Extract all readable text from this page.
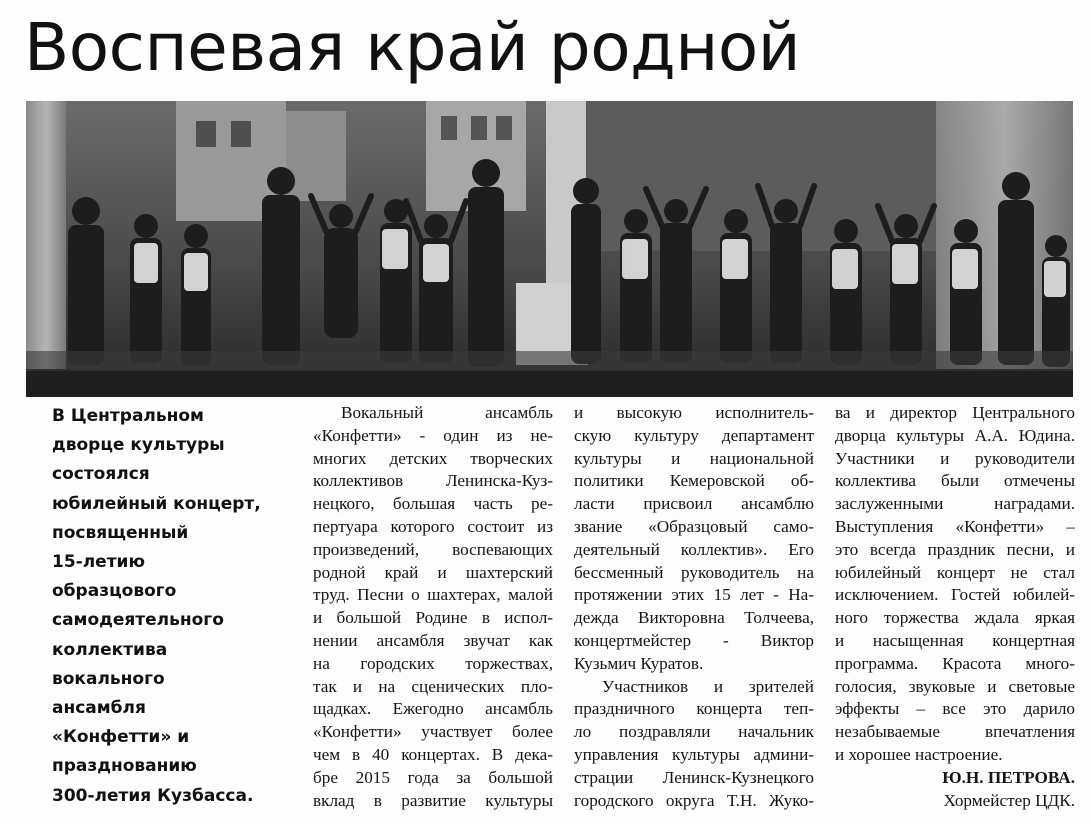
Воспевая край родной
В Центральном
дворце культуры
состоялся
юбилейный концерт,
посвященный
15-летию
образцового
самодеятельного
коллектива
вокального
ансамбля
«Конфетти» и
празднованию
300-летия Кузбасса.
Вокальный ансамбль
«Конфетти» - один из не-
многих детских творческих
коллективов Ленинска-Куз-
нецкого, большая часть ре-
пертуара которого состоит из
произведений, воспевающих
родной край и шахтерский
труд. Песни о шахтерах, малой
и большой Родине в испол-
нении ансамбля звучат как
на городских торжествах,
так и на сценических пло-
щадках. Ежегодно ансамбль
«Конфетти» участвует более
чем в 40 концертах. В дека-
бре 2015 года за большой
вклад в развитие культуры
и высокую исполнитель-
скую культуру департамент
культуры и национальной
политики Кемеровской об-
ласти присвоил ансамблю
звание «Образцовый само-
деятельный коллектив». Его
бессменный руководитель на
протяжении этих 15 лет - На-
дежда Викторовна Толчеева,
концертмейстер - Виктор
Кузьмич Куратов.
Участников и зрителей
праздничного концерта теп-
ло поздравляли начальник
управления культуры админи-
страции Ленинск-Кузнецкого
городского округа Т.Н. Жуко-
ва и директор Центрального
дворца культуры А.А. Юдина.
Участники и руководители
коллектива были отмечены
заслуженными наградами.
Выступления «Конфетти» –
это всегда праздник песни, и
юбилейный концерт не стал
исключением. Гостей юбилей-
ного торжества ждала яркая
и насыщенная концертная
программа. Красота много-
голосия, звуковые и световые
эффекты – все это дарило
незабываемые впечатления
и хорошее настроение.
Ю.Н. ПЕТРОВА.
Хормейстер ЦДК.
